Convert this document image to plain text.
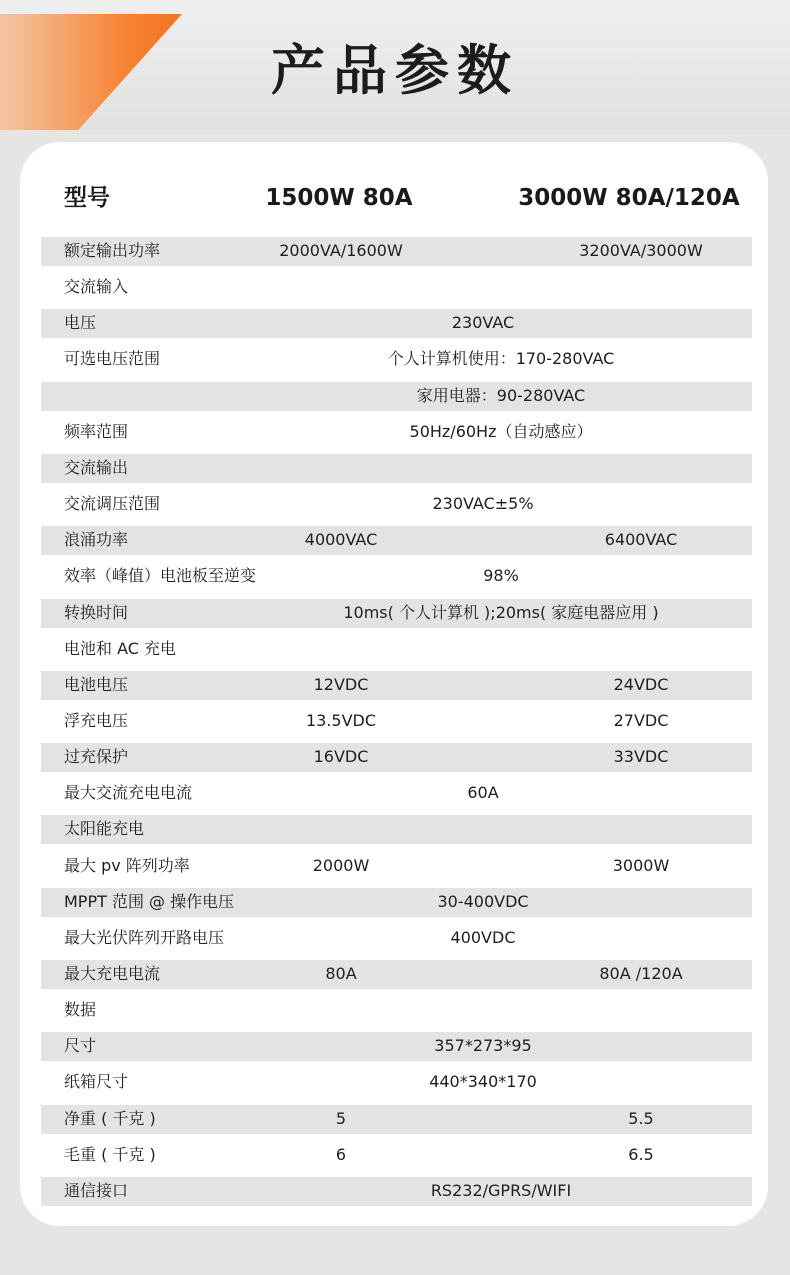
产品参数
型号	1500W 80A	3000W 80A/120A
额定输出功率	2000VA/1600W	3200VA/3000W
交流输入
电压	230VAC
可选电压范围	个人计算机使用：170-280VAC
家用电器：90-280VAC
频率范围	50Hz/60Hz（自动感应）
交流输出
交流调压范围	230VAC±5%
浪涌功率	4000VAC	6400VAC
效率（峰值）电池板至逆变	98%
转换时间	10ms( 个人计算机 );20ms( 家庭电器应用 )
电池和 AC 充电
电池电压	12VDC	24VDC
浮充电压	13.5VDC	27VDC
过充保护	16VDC	33VDC
最大交流充电电流	60A
太阳能充电
最大 pv 阵列功率	2000W	3000W
MPPT 范围 @ 操作电压	30-400VDC
最大光伏阵列开路电压	400VDC
最大充电电流	80A	80A /120A
数据
尺寸	357*273*95
纸箱尺寸	440*340*170
净重 ( 千克 )	5	5.5
毛重 ( 千克 )	6	6.5
通信接口	RS232/GPRS/WIFI
